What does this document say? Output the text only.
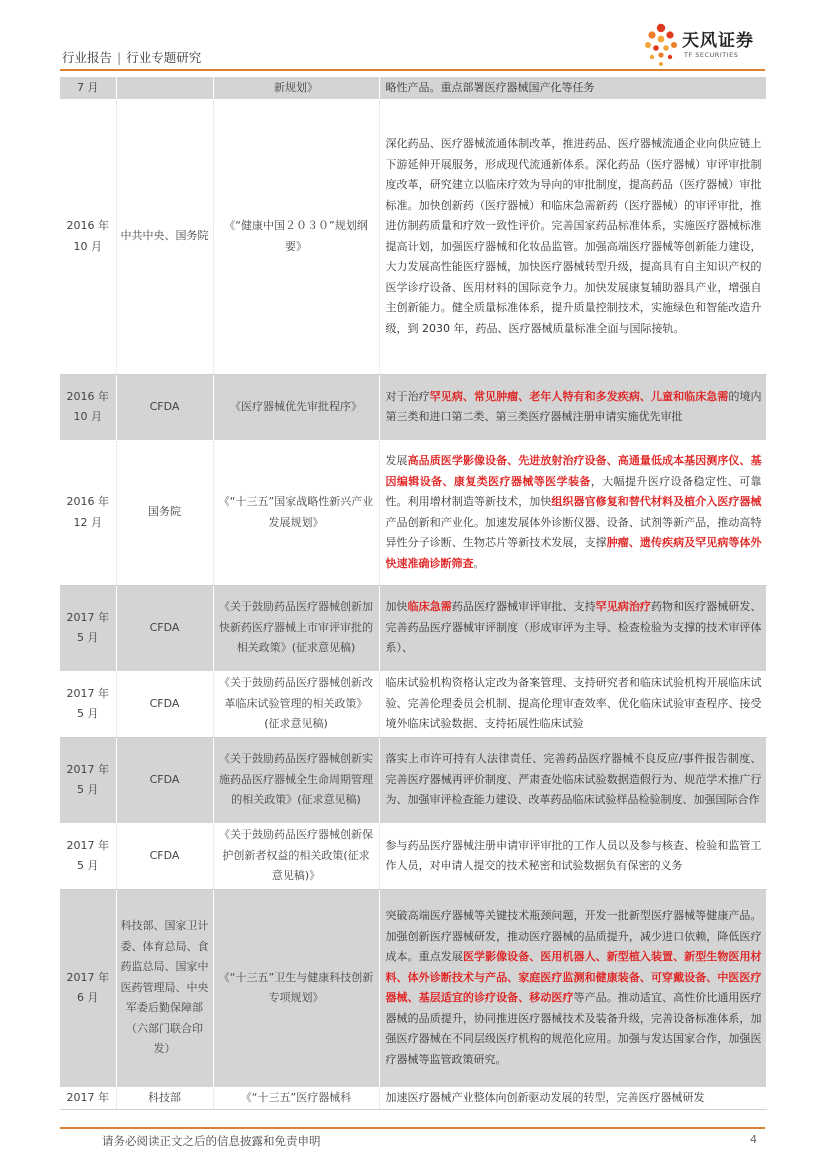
行业报告 | 行业专题研究
天风证券
TF SECURITIES
7 月		新规划》	略性产品。重点部署医疗器械国产化等任务
2016 年 10 月	中共中央、国务院	《“健康中国２０３０”规划纲要》	深化药品、医疗器械流通体制改革，推进药品、医疗器械流通企业向供应链上下游延伸开展服务，形成现代流通新体系。深化药品（医疗器械）审评审批制度改革，研究建立以临床疗效为导向的审批制度，提高药品（医疗器械）审批标准。加快创新药（医疗器械）和临床急需新药（医疗器械）的审评审批，推进仿制药质量和疗效一致性评价。完善国家药品标准体系，实施医疗器械标准提高计划，加强医疗器械和化妆品监管。加强高端医疗器械等创新能力建设，大力发展高性能医疗器械，加快医疗器械转型升级，提高具有自主知识产权的医学诊疗设备、医用材料的国际竞争力。加快发展康复辅助器具产业，增强自主创新能力。健全质量标准体系，提升质量控制技术，实施绿色和智能改造升级，到 2030 年，药品、医疗器械质量标准全面与国际接轨。
2016 年 10 月	CFDA	《医疗器械优先审批程序》	对于治疗罕见病、常见肿瘤、老年人特有和多发疾病、儿童和临床急需的境内第三类和进口第二类、第三类医疗器械注册申请实施优先审批
2016 年 12 月	国务院	《“十三五”国家战略性新兴产业发展规划》	发展高品质医学影像设备、先进放射治疗设备、高通量低成本基因测序仪、基因编辑设备、康复类医疗器械等医学装备，大幅提升医疗设备稳定性、可靠性。利用增材制造等新技术，加快组织器官修复和替代材料及植介入医疗器械产品创新和产业化。加速发展体外诊断仪器、设备、试剂等新产品，推动高特异性分子诊断、生物芯片等新技术发展，支撑肿瘤、遗传疾病及罕见病等体外快速准确诊断筛查。
2017 年 5 月	CFDA	《关于鼓励药品医疗器械创新加快新药医疗器械上市审评审批的相关政策》(征求意见稿)	加快临床急需药品医疗器械审评审批、支持罕见病治疗药物和医疗器械研发、完善药品医疗器械审评制度（形成审评为主导、检查检验为支撑的技术审评体系）、
2017 年 5 月	CFDA	《关于鼓励药品医疗器械创新改革临床试验管理的相关政策》(征求意见稿)	临床试验机构资格认定改为备案管理、支持研究者和临床试验机构开展临床试验、完善伦理委员会机制、提高伦理审查效率、优化临床试验审查程序、接受境外临床试验数据、支持拓展性临床试验
2017 年 5 月	CFDA	《关于鼓励药品医疗器械创新实施药品医疗器械全生命周期管理的相关政策》(征求意见稿)	落实上市许可持有人法律责任、完善药品医疗器械不良反应/事件报告制度、完善医疗器械再评价制度、严肃查处临床试验数据造假行为、规范学术推广行为、加强审评检查能力建设、改革药品临床试验样品检验制度、加强国际合作
2017 年 5 月	CFDA	《关于鼓励药品医疗器械创新保护创新者权益的相关政策(征求意见稿)》	参与药品医疗器械注册申请审评审批的工作人员以及参与核查、检验和监管工作人员，对申请人提交的技术秘密和试验数据负有保密的义务
2017 年 6 月	科技部、国家卫计委、体育总局、食药监总局、国家中医药管理局、中央军委后勤保障部（六部门联合印发）	《“十三五”卫生与健康科技创新专项规划》	突破高端医疗器械等关键技术瓶颈问题，开发一批新型医疗器械等健康产品。加强创新医疗器械研发，推动医疗器械的品质提升，减少进口依赖，降低医疗成本。重点发展医学影像设备、医用机器人、新型植入装置、新型生物医用材料、体外诊断技术与产品、家庭医疗监测和健康装备、可穿戴设备、中医医疗器械、基层适宜的诊疗设备、移动医疗等产品。推动适宜、高性价比通用医疗器械的品质提升，协同推进医疗器械技术及装备升级，完善设备标准体系，加强医疗器械在不同层级医疗机构的规范化应用。加强与发达国家合作，加强医疗器械等监管政策研究。
2017 年	科技部	《“十三五”医疗器械科	加速医疗器械产业整体向创新驱动发展的转型，完善医疗器械研发
请务必阅读正文之后的信息披露和免责申明	4
